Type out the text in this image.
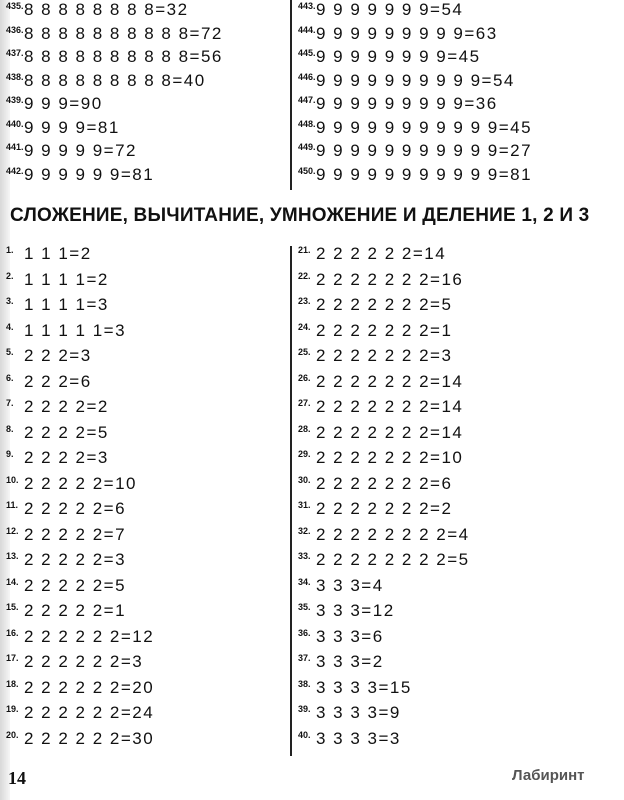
435.8 8 8 8 8 8 8 8=32
436.8 8 8 8 8 8 8 8 8 8=72
437.8 8 8 8 8 8 8 8 8 8=56
438.8 8 8 8 8 8 8 8 8=40
439.9 9 9=90
440.9 9 9 9=81
441.9 9 9 9 9=72
442.9 9 9 9 9 9=81
443.9 9 9 9 9 9 9=54
444.9 9 9 9 9 9 9 9 9=63
445.9 9 9 9 9 9 9 9=45
446.9 9 9 9 9 9 9 9 9 9=54
447.9 9 9 9 9 9 9 9 9=36
448.9 9 9 9 9 9 9 9 9 9 9=45
449.9 9 9 9 9 9 9 9 9 9 9=27
450.9 9 9 9 9 9 9 9 9 9 9=81
СЛОЖЕНИЕ, ВЫЧИТАНИЕ, УМНОЖЕНИЕ И ДЕЛЕНИЕ 1, 2 И 3
1. 1 1 1=2
2. 1 1 1 1=2
3. 1 1 1 1=3
4. 1 1 1 1 1=3
5. 2 2 2=3
6. 2 2 2=6
7. 2 2 2 2=2
8. 2 2 2 2=5
9. 2 2 2 2=3
10. 2 2 2 2 2=10
11. 2 2 2 2 2=6
12. 2 2 2 2 2=7
13. 2 2 2 2 2=3
14. 2 2 2 2 2=5
15. 2 2 2 2 2=1
16. 2 2 2 2 2 2=12
17. 2 2 2 2 2 2=3
18. 2 2 2 2 2 2=20
19. 2 2 2 2 2 2=24
20. 2 2 2 2 2 2=30
21. 2 2 2 2 2 2=14
22. 2 2 2 2 2 2 2=16
23. 2 2 2 2 2 2 2=5
24. 2 2 2 2 2 2 2=1
25. 2 2 2 2 2 2 2=3
26. 2 2 2 2 2 2 2=14
27. 2 2 2 2 2 2 2=14
28. 2 2 2 2 2 2 2=14
29. 2 2 2 2 2 2 2=10
30. 2 2 2 2 2 2 2=6
31. 2 2 2 2 2 2 2=2
32. 2 2 2 2 2 2 2 2=4
33. 2 2 2 2 2 2 2 2=5
34. 3 3 3=4
35. 3 3 3=12
36. 3 3 3=6
37. 3 3 3=2
38. 3 3 3 3=15
39. 3 3 3 3=9
40. 3 3 3 3=3
14	Лабиринт
